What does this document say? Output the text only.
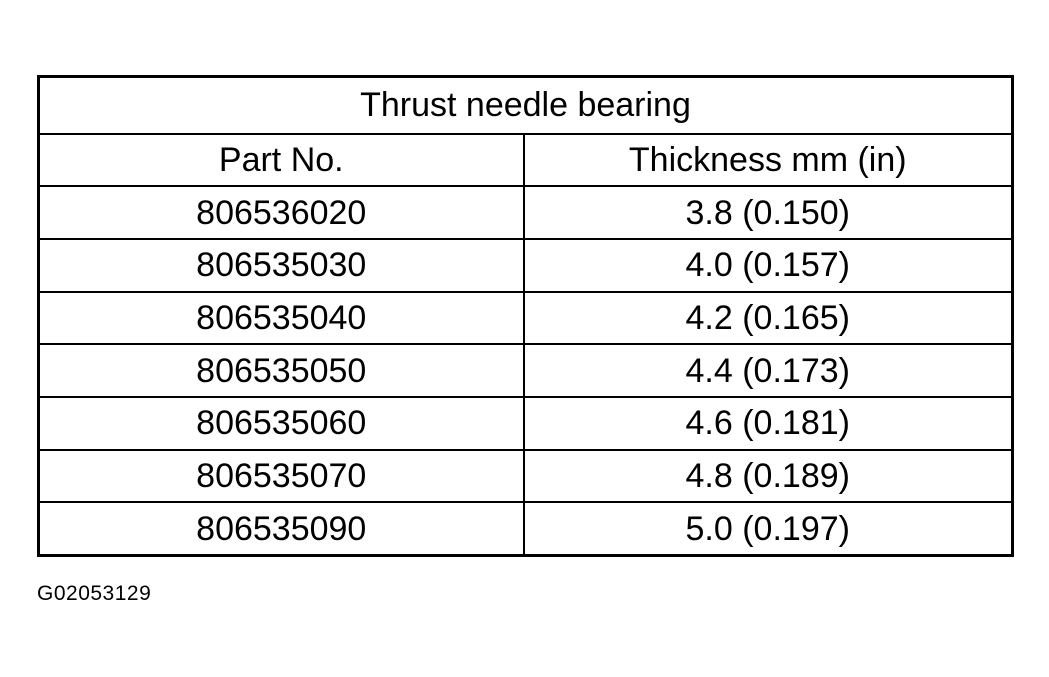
Thrust needle bearing	
Part No.	Thickness mm (in)
806536020	3.8 (0.150)
806535030	4.0 (0.157)
806535040	4.2 (0.165)
806535050	4.4 (0.173)
806535060	4.6 (0.181)
806535070	4.8 (0.189)
806535090	5.0 (0.197)
G02053129
